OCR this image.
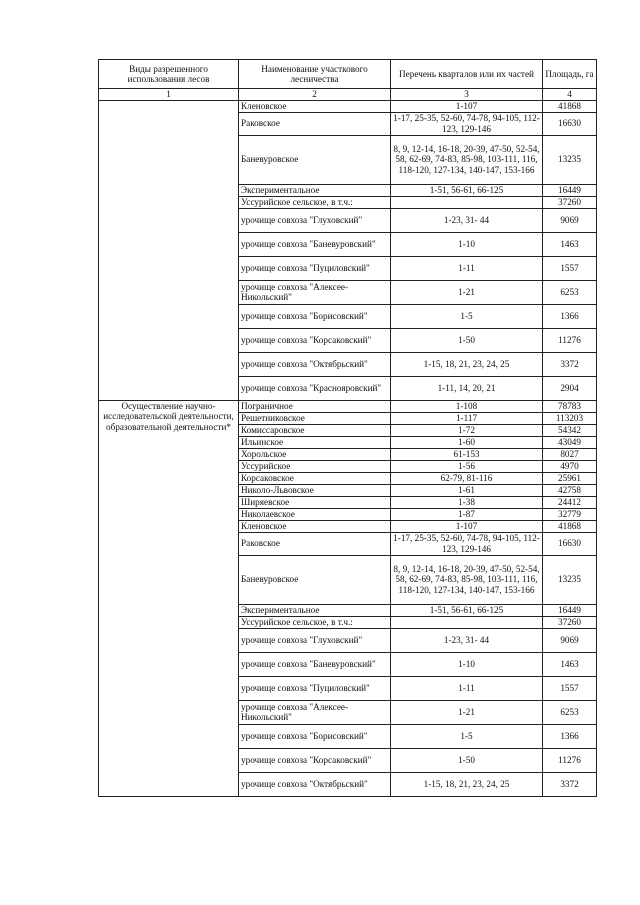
Виды разрешенного использования лесов	Наименование участкового лесничества	Перечень кварталов или их частей	Площадь, га
1	2	3	4
	Кленовское	1-107	41868
	Раковское	1-17, 25-35, 52-60, 74-78, 94-105, 112-123, 129-146	16630
	Баневуровское	8, 9, 12-14, 16-18, 20-39, 47-50, 52-54, 58, 62-69, 74-83, 85-98, 103-111, 116, 118-120, 127-134, 140-147, 153-166	13235
	Экспериментальное	1-51, 56-61, 66-125	16449
	Уссурийское сельское, в т.ч.:		37260
	урочище совхоза "Глуховский"	1-23, 31- 44	9069
	урочище совхоза "Баневуровский"	1-10	1463
	урочище совхоза "Пуциловский"	1-11	1557
	урочище совхоза "Алексее-Никольский"	1-21	6253
	урочище совхоза "Борисовский"	1-5	1366
	урочище совхоза "Корсаковский"	1-50	11276
	урочище совхоза "Октябрьский"	1-15, 18, 21, 23, 24, 25	3372
	урочище совхоза "Краснояровский"	1-11, 14, 20, 21	2904
Осуществление научно-исследовательской деятельности, образовательной деятельности*	Пограничное	1-108	78783
	Решетниковское	1-117	113203
	Комиссаровское	1-72	54342
	Ильинское	1-60	43049
	Хорольское	61-153	8027
	Уссурийское	1-56	4970
	Корсаковское	62-79, 81-116	25961
	Николо-Львовское	1-61	42758
	Ширяевское	1-38	24412
	Николаевское	1-87	32779
	Кленовское	1-107	41868
	Раковское	1-17, 25-35, 52-60, 74-78, 94-105, 112-123, 129-146	16630
	Баневуровское	8, 9, 12-14, 16-18, 20-39, 47-50, 52-54, 58, 62-69, 74-83, 85-98, 103-111, 116, 118-120, 127-134, 140-147, 153-166	13235
	Экспериментальное	1-51, 56-61, 66-125	16449
	Уссурийское сельское, в т.ч.:		37260
	урочище совхоза "Глуховский"	1-23, 31- 44	9069
	урочище совхоза "Баневуровский"	1-10	1463
	урочище совхоза "Пуциловский"	1-11	1557
	урочище совхоза "Алексее-Никольский"	1-21	6253
	урочище совхоза "Борисовский"	1-5	1366
	урочище совхоза "Корсаковский"	1-50	11276
	урочище совхоза "Октябрьский"	1-15, 18, 21, 23, 24, 25	3372
